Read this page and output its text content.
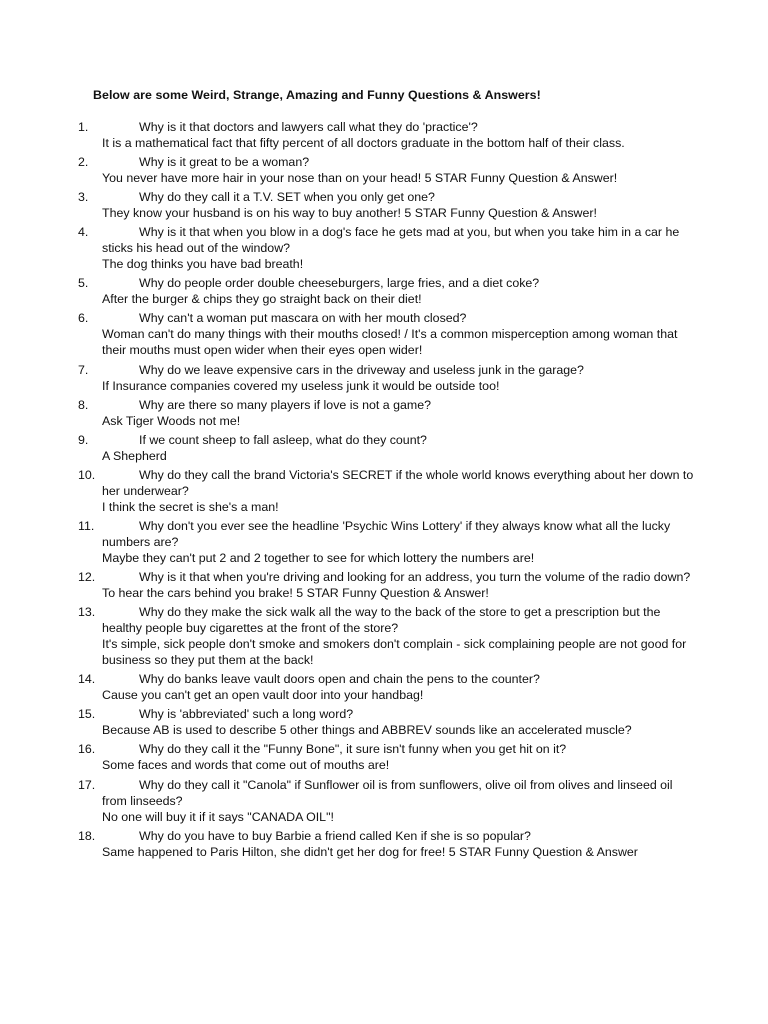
Below are some Weird, Strange, Amazing and Funny Questions & Answers!
1.	Why is it that doctors and lawyers call what they do 'practice'?
It is a mathematical fact that fifty percent of all doctors graduate in the bottom half of their class.
2.	Why is it great to be a woman?
You never have more hair in your nose than on your head! 5 STAR Funny Question & Answer!
3.	Why do they call it a T.V. SET when you only get one?
They know your husband is on his way to buy another! 5 STAR Funny Question & Answer!
4.	Why is it that when you blow in a dog's face he gets mad at you, but when you take him in a car he sticks his head out of the window?
The dog thinks you have bad breath!
5.	Why do people order double cheeseburgers, large fries, and a diet coke?
After the burger & chips they go straight back on their diet!
6.	Why can't a woman put mascara on with her mouth closed?
Woman can't do many things with their mouths closed! / It's a common misperception among woman that their mouths must open wider when their eyes open wider!
7.	Why do we leave expensive cars in the driveway and useless junk in the garage?
If Insurance companies covered my useless junk it would be outside too!
8.	Why are there so many players if love is not a game?
Ask Tiger Woods not me!
9.	If we count sheep to fall asleep, what do they count?
A Shepherd
10.	Why do they call the brand Victoria's SECRET if the whole world knows everything about her down to her underwear?
I think the secret is she's a man!
11.	Why don't you ever see the headline 'Psychic Wins Lottery' if they always know what all the lucky numbers are?
Maybe they can't put 2 and 2 together to see for which lottery the numbers are!
12.	Why is it that when you're driving and looking for an address, you turn the volume of the radio down?
To hear the cars behind you brake! 5 STAR Funny Question & Answer!
13.	Why do they make the sick walk all the way to the back of the store to get a prescription but the healthy people buy cigarettes at the front of the store?
It's simple, sick people don't smoke and smokers don't complain - sick complaining people are not good for business so they put them at the back!
14.	Why do banks leave vault doors open and chain the pens to the counter?
Cause you can't get an open vault door into your handbag!
15.	Why is 'abbreviated' such a long word?
Because AB is used to describe 5 other things and ABBREV sounds like an accelerated muscle?
16.	Why do they call it the "Funny Bone", it sure isn't funny when you get hit on it?
Some faces and words that come out of mouths are!
17.	Why do they call it "Canola" if Sunflower oil is from sunflowers, olive oil from olives and linseed oil from linseeds?
No one will buy it if it says "CANADA OIL"!
18.	Why do you have to buy Barbie a friend called Ken if she is so popular?
Same happened to Paris Hilton, she didn't get her dog for free! 5 STAR Funny Question & Answer
